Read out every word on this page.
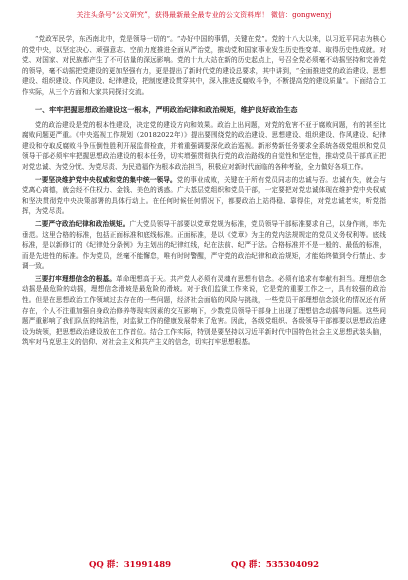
关注头条号“公文研究”，获得最新最全最专业的公文资料库！ 微信：gongwenyj

“党政军民学，东西南北中，党是领导一切的”。“办好中国的事情，关键在党”。党的十八大以来，以习近平同志为核心的党中央，以坚定决心、顽强意志、空前力度推进全面从严治党，推动党和国家事业发生历史性变革、取得历史性成就。对党、对国家、对民族都产生了不可估量的深远影响。党的十九大站在新的历史起点上，号召全党必须毫不动摇坚持和完善党的领导，毫不动摇把党建设的更加坚强有力，更是提出了新时代党的建设总要求，其中讲到，“全面推进党的政治建设、思想建设、组织建设、作风建设、纪律建设，把制度建设贯穿其中，深入推进反腐败斗争，不断提高党的建设质量”。下面结合工作实际，从三个方面和大家共同探讨交流。

一、牢牢把握思想政治建设这一根本，严明政治纪律和政治规矩，维护良好政治生态

党的政治建设是党的根本性建设，决定党的建设方向和效果。政治上出问题，对党的危害不亚于腐败问题，有的甚至比腐败问题更严重。《中央巡视工作规划（20182022年）》提出要围绕党的政治建设、思想建设、组织建设、作风建设、纪律建设和夺取反腐败斗争压倒性胜利开展监督检查，并着重强调要深化政治巡视。新形势新任务要求全系统各级党组织和党员领导干部必须牢牢把握思想政治建设的根本任务，切实增强贯彻执行党的政治路线的自觉性和坚定性，推动党员干部真正把对党忠诚、为党分忧、为党尽责、为民造福作为根本政治担当，积极应对新时代面临的各种考验，全力做好各项工作。

一要坚决维护党中央权威和党的集中统一领导。党的事业成败，关键在于所有党员同志的忠诚与否。忠诚有失，就会与党离心离德，就会经不住权力、金钱、美色的诱惑。广大基层党组织和党员干部，一定要把对党忠诚体现在维护党中央权威和坚决贯彻党中央决策部署的具体行动上。在任何时候任何情况下，都要政治上站得稳、靠得住，对党忠诚老实，听党指挥，为党尽责。

二要严守政治纪律和政治规矩。广大党员领导干部要以党章党规为标准，党员领导干部标准要求自己，以身作则，率先垂范。这里合格的标准，包括正面标准和底线标准。正面标准，是以《党章》为主的党内法规规定的党员义务权利等。底线标准，是以新修订的《纪律处分条例》为主划出的纪律红线，纪在法前、纪严于法。合格标准并不是一般的、最低的标准，而是先进性的标准。作为党员，丝毫不能懈怠，唯有时时警醒，严守党的政治纪律和政治规矩，才能始终做到令行禁止、步调一致。

三要打牢理想信念的根基。革命理想高于天。共产党人必须有灵魂有思想有信念。必须有追求有奉献有担当。理想信念动摇是最危险的动摇，理想信念滑坡是最危险的滑坡。对于我们监狱工作来说，它是党的重要工作之一，具有较强的政治性。但是在思想政治工作领域过去存在的一些问题，经济社会面临的风险与挑战，一些党员干部理想信念淡化的情况还有所存在，个人不注重加强自身政治修养等现实因素的交互影响下，少数党员领导干部身上出现了理想信念动摇等问题。这些问题严重影响了我们队伍的纯洁性，对监狱工作的健康发展带来了危害。因此，各级党组织、各级领导干部都要以思想政治建设为统领，把思想政治建设放在工作首位。结合工作实际，特别是要坚持以习近平新时代中国特色社会主义思想武装头脑，筑牢对马克思主义的信仰、对社会主义和共产主义的信念，切实打牢思想根基。

QQ 群：31991489	QQ 群：535304092
